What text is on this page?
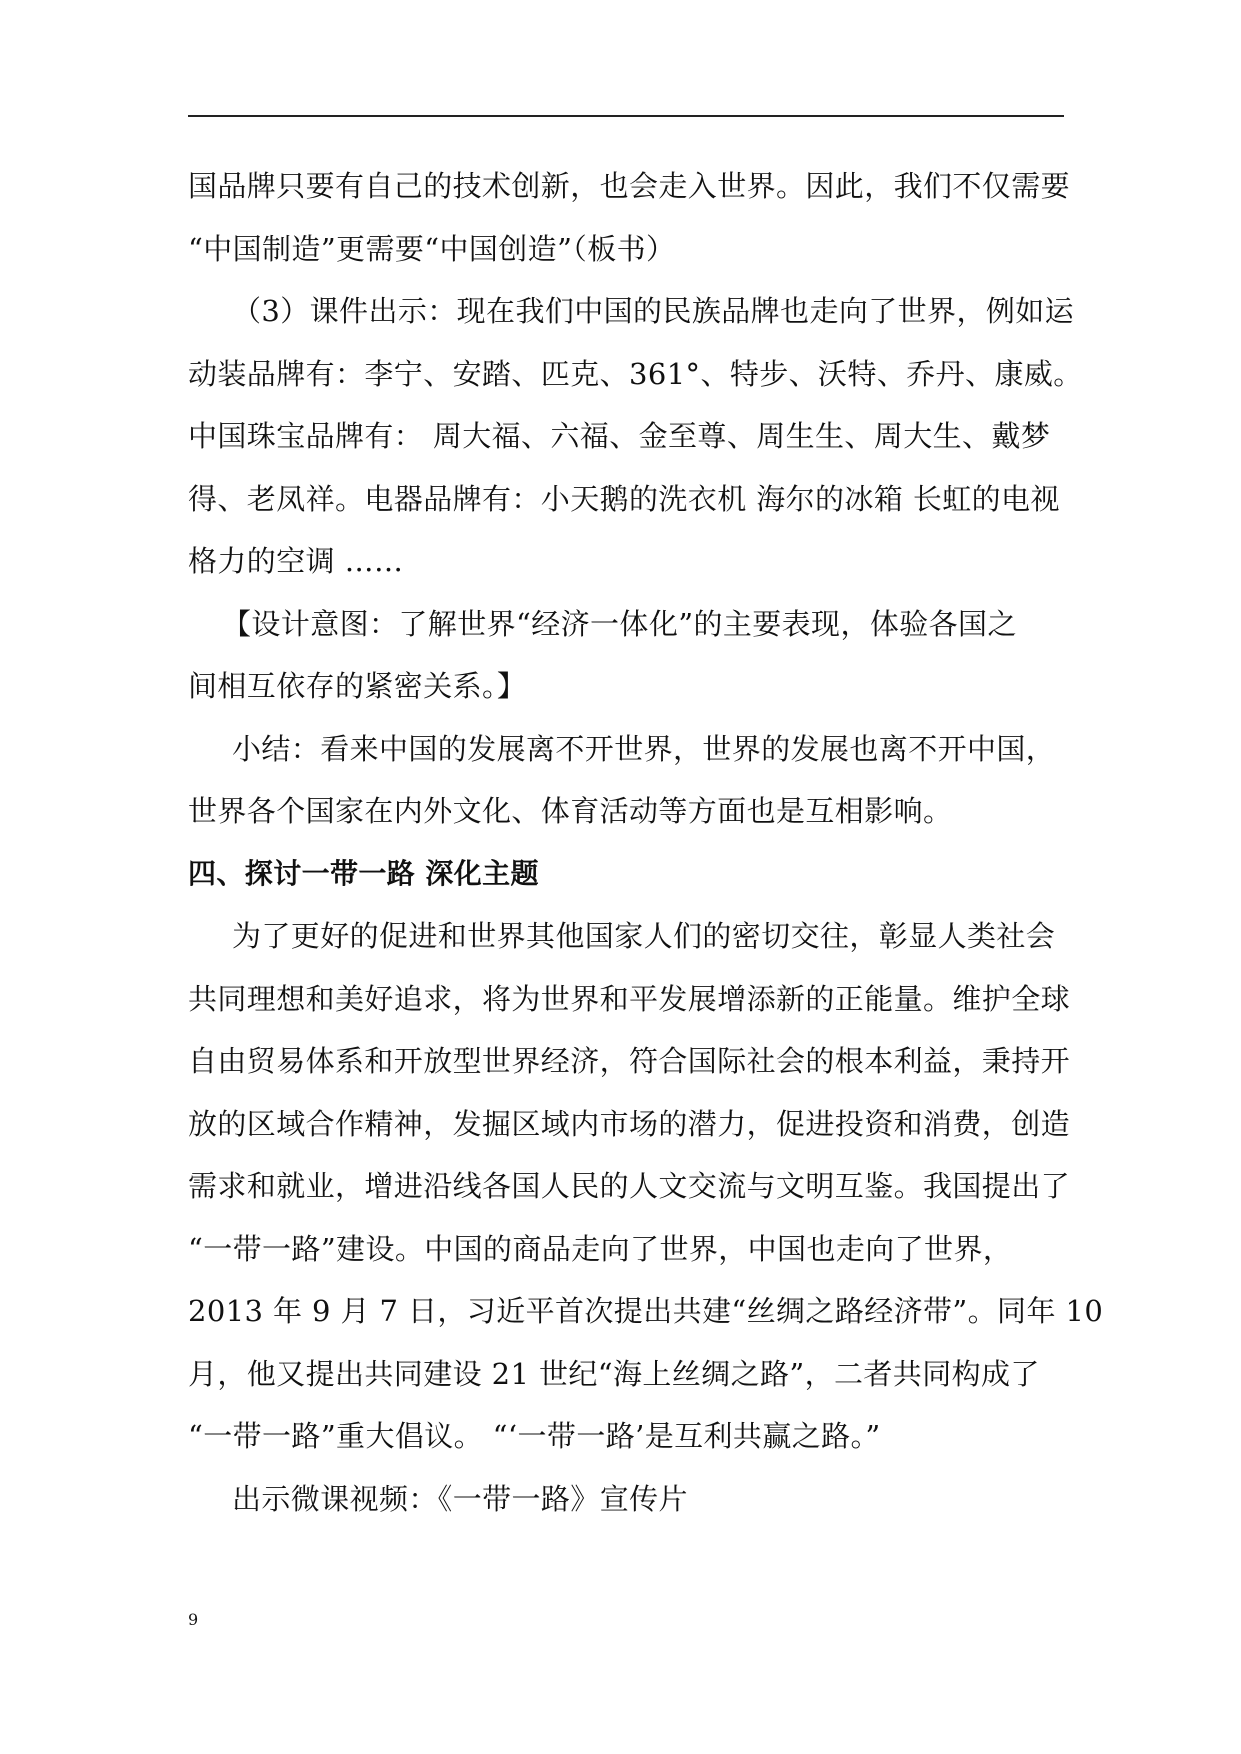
国品牌只要有自己的技术创新，也会走入世界。因此，我们不仅需要
“中国制造”更需要“中国创造”（板书）
（3）课件出示：现在我们中国的民族品牌也走向了世界，例如运
动装品牌有：李宁、安踏、匹克、361°、特步、沃特、乔丹、康威。
中国珠宝品牌有： 周大福、六福、金至尊、周生生、周大生、戴梦
得、老凤祥。电器品牌有：小天鹅的洗衣机 海尔的冰箱 长虹的电视
格力的空调 ……
【设计意图：了解世界“经济一体化”的主要表现，体验各国之
间相互依存的紧密关系。】
小结：看来中国的发展离不开世界，世界的发展也离不开中国，
世界各个国家在内外文化、体育活动等方面也是互相影响。
四、探讨一带一路 深化主题
为了更好的促进和世界其他国家人们的密切交往，彰显人类社会
共同理想和美好追求，将为世界和平发展增添新的正能量。维护全球
自由贸易体系和开放型世界经济，符合国际社会的根本利益，秉持开
放的区域合作精神，发掘区域内市场的潜力，促进投资和消费，创造
需求和就业，增进沿线各国人民的人文交流与文明互鉴。我国提出了
“一带一路”建设。中国的商品走向了世界，中国也走向了世界，
2013 年 9 月 7 日，习近平首次提出共建“丝绸之路经济带”。同年 10
月，他又提出共同建设 21 世纪“海上丝绸之路”，二者共同构成了
“一带一路”重大倡议。 “‘一带一路’是互利共赢之路。”
出示微课视频：《一带一路》宣传片
9
